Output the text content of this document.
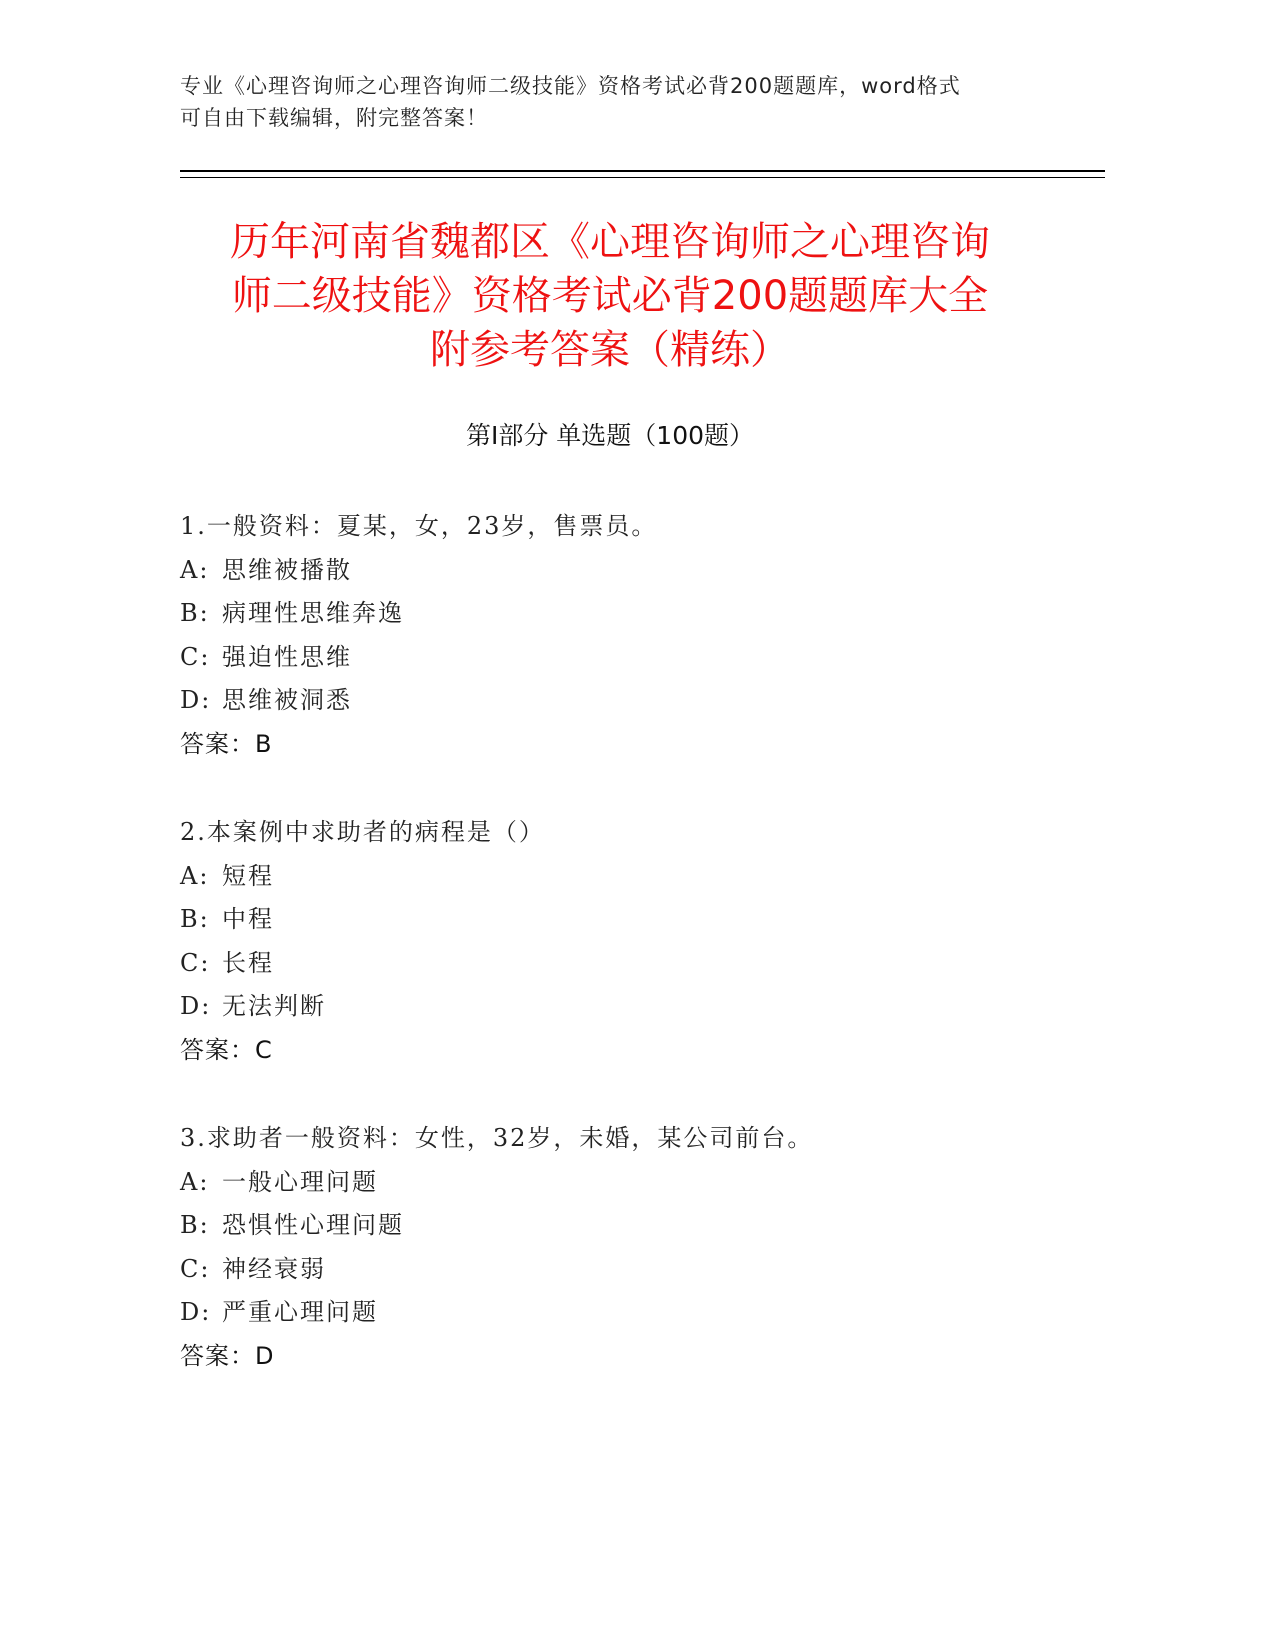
专业《心理咨询师之心理咨询师二级技能》资格考试必背200题题库，word格式
可自由下载编辑，附完整答案！
历年河南省魏都区《心理咨询师之心理咨询
师二级技能》资格考试必背200题题库大全
附参考答案（精练）
第Ⅰ部分 单选题（100题）
1.一般资料：夏某，女，23岁，售票员。
A: 思维被播散
B: 病理性思维奔逸
C: 强迫性思维
D: 思维被洞悉
答案：B
2.本案例中求助者的病程是（）
A: 短程
B: 中程
C: 长程
D: 无法判断
答案：C
3.求助者一般资料：女性，32岁，未婚，某公司前台。
A: 一般心理问题
B: 恐惧性心理问题
C: 神经衰弱
D: 严重心理问题
答案：D
